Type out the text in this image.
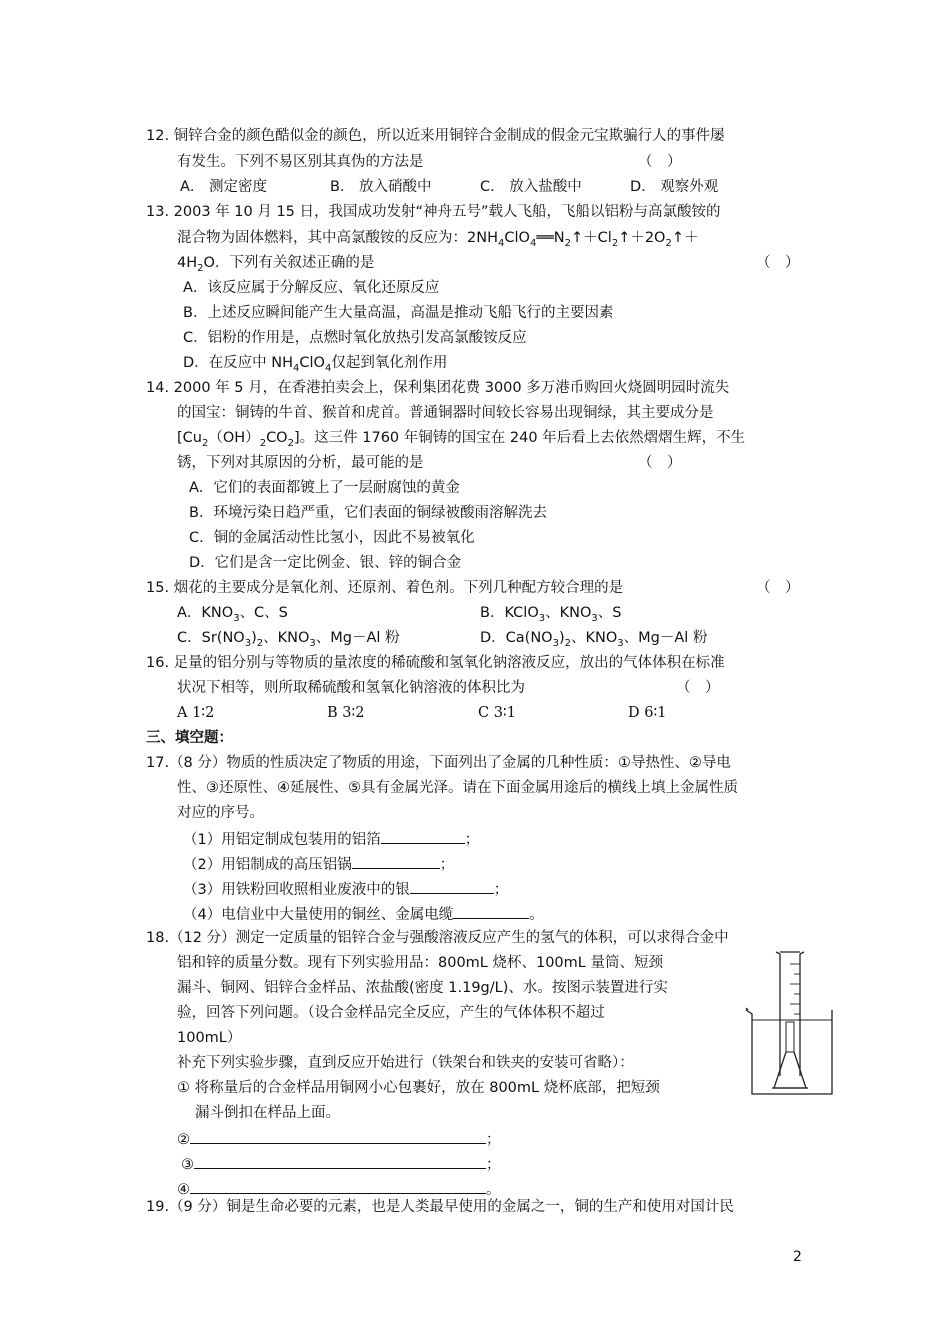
12. 铜锌合金的颜色酷似金的颜色，所以近来用铜锌合金制成的假金元宝欺骗行人的事件屡
有发生。下列不易区别其真伪的方法是	（　）
A． 测定密度	B． 放入硝酸中	C． 放入盐酸中	D． 观察外观
13. 2003 年 10 月 15 日，我国成功发射“神舟五号”载人飞船，飞船以铝粉与高氯酸铵的
混合物为固体燃料，其中高氯酸铵的反应为：$2NH_4ClO_4══N_2↑+Cl_2↑+2O_2↑+$
$4H_2O$．下列有关叙述正确的是	（　）
A．该反应属于分解反应、氧化还原反应
B．上述反应瞬间能产生大量高温，高温是推动飞船飞行的主要因素
C．铝粉的作用是，点燃时氧化放热引发高氯酸铵反应
D．在反应中 $NH_4ClO_4$仅起到氧化剂作用
14. 2000 年 5 月，在香港拍卖会上，保利集团花费 3000 多万港币购回火烧圆明园时流失
的国宝：铜铸的牛首、猴首和虎首。普通铜器时间较长容易出现铜绿，其主要成分是
$[Cu_2(OH)_2CO_2]$。这三件 1760 年铜铸的国宝在 240 年后看上去依然熠熠生辉，不生
锈，下列对其原因的分析，最可能的是	（　）
A．它们的表面都镀上了一层耐腐蚀的黄金
B．环境污染日趋严重，它们表面的铜绿被酸雨溶解洗去
C．铜的金属活动性比氢小，因此不易被氧化
D．它们是含一定比例金、银、锌的铜合金
15. 烟花的主要成分是氧化剂、还原剂、着色剂。下列几种配方较合理的是	（　）
A．$KNO_3$、C、S	B．KClO$_3$、$KNO_3$、S
C．$Sr(NO_3)_2$、$KNO_3$、Mg－Al 粉	D．$Ca(NO_3)_2$、$KNO_3$、Mg－Al 粉
16. 足量的铝分别与等物质的量浓度的稀硫酸和氢氧化钠溶液反应，放出的气体体积在标准
状况下相等，则所取稀硫酸和氢氧化钠溶液的体积比为	（　）
A 1∶2	B 3∶2	C 3∶1	D 6∶1
三、填空题：
17.（8 分）物质的性质决定了物质的用途，下面列出了金属的几种性质：①导热性、②导电
性、③还原性、④延展性、⑤具有金属光泽。请在下面金属用途后的横线上填上金属性质
对应的序号。
（1）用铝定制成包装用的铝箔	；
（2）用铝制成的高压铝锅	；
（3）用铁粉回收照相业废液中的银	；
（4）电信业中大量使用的铜丝、金属电缆	。
18.（12 分）测定一定质量的铝锌合金与强酸溶液反应产生的氢气的体积，可以求得合金中
铝和锌的质量分数。现有下列实验用品：800mL 烧杯、100mL 量筒、短颈
漏斗、铜网、铝锌合金样品、浓盐酸(密度 1.19g/L)、水。按图示装置进行实
验，回答下列问题。（设合金样品完全反应，产生的气体体积不超过
100mL）
补充下列实验步骤，直到反应开始进行（铁架台和铁夹的安装可省略）：
① 将称量后的合金样品用铜网小心包裹好，放在 800mL 烧杯底部，把短颈
漏斗倒扣在样品上面。
②	；
③	；
④	。
19.（9 分）铜是生命必要的元素，也是人类最早使用的金属之一，铜的生产和使用对国计民
2
